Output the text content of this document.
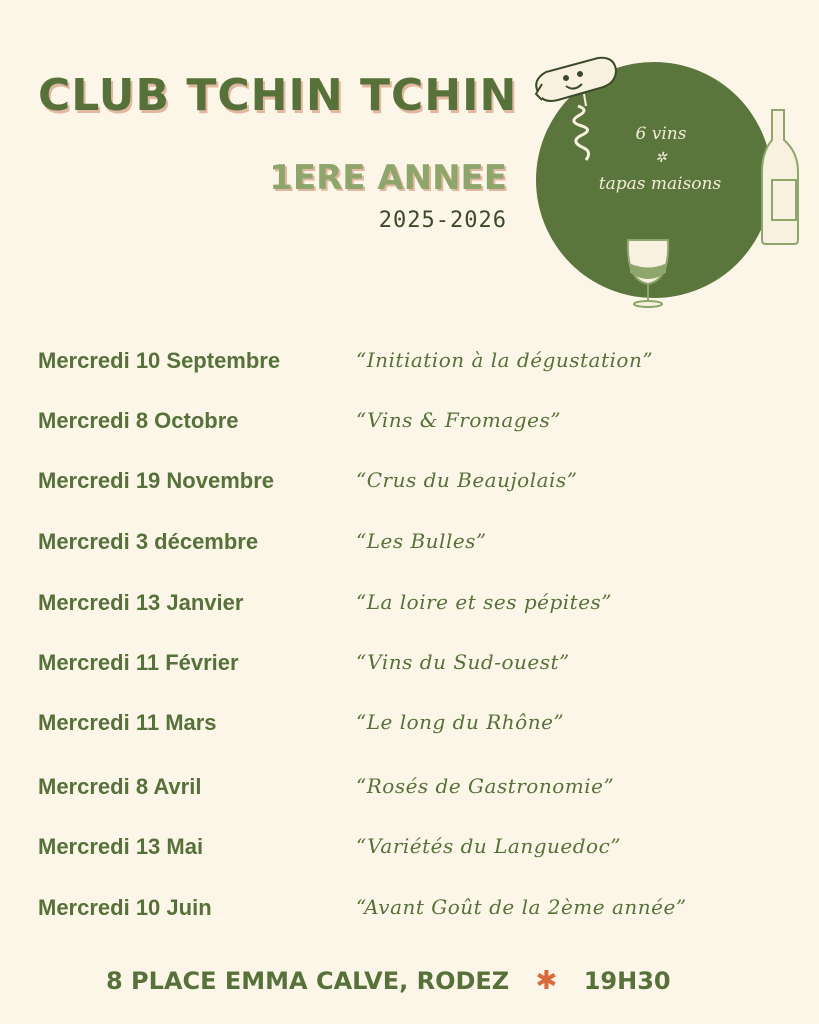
CLUB TCHIN TCHIN
1ERE ANNEE
2025-2026
6 vins
✲
tapas maisons
Mercredi 10 Septembre	“Initiation à la dégustation”
Mercredi 8 Octobre	“Vins & Fromages”
Mercredi 19 Novembre	“Crus du Beaujolais”
Mercredi 3 décembre	“Les Bulles”
Mercredi 13 Janvier	“La loire et ses pépites”
Mercredi 11 Février	“Vins du Sud-ouest”
Mercredi 11 Mars	“Le long du Rhône”
Mercredi 8 Avril	“Rosés de Gastronomie”
Mercredi 13 Mai	“Variétés du Languedoc”
Mercredi 10 Juin	“Avant Goût de la 2ème année”
8 PLACE EMMA CALVE, RODEZ ✱ 19H30
